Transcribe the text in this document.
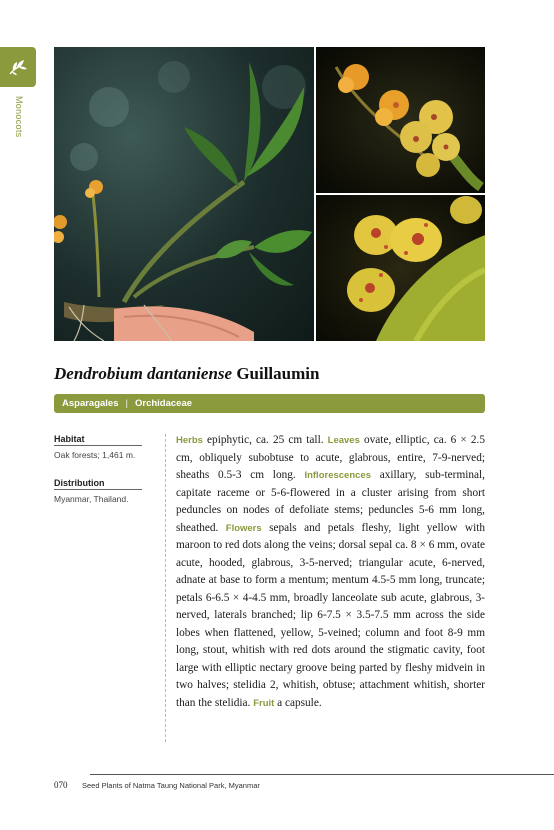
Monocots
Dendrobium dantaniense Guillaumin
Asparagales | Orchidaceae
Habitat
Oak forests; 1,461 m.
Distribution
Myanmar, Thailand.
Herbs epiphytic, ca. 25 cm tall. Leaves ovate, elliptic, ca. 6 × 2.5 cm, obliquely subobtuse to acute, glabrous, entire, 7-9-nerved; sheaths 0.5-3 cm long. Inflorescences axillary, sub-terminal, capitate raceme or 5-6-flowered in a cluster arising from short peduncles on nodes of defoliate stems; peduncles 5-6 mm long, sheathed. Flowers sepals and petals fleshy, light yellow with maroon to red dots along the veins; dorsal sepal ca. 8 × 6 mm, ovate acute, hooded, glabrous, 3-5-nerved; triangular acute, 6-nerved, adnate at base to form a mentum; mentum 4.5-5 mm long, truncate; petals 6-6.5 × 4-4.5 mm, broadly lanceolate sub acute, glabrous, 3-nerved, laterals branched; lip 6-7.5 × 3.5-7.5 mm across the side lobes when flattened, yellow, 5-veined; column and foot 8-9 mm long, stout, whitish with red dots around the stigmatic cavity, foot large with elliptic nectary groove being parted by fleshy midvein in two halves; stelidia 2, whitish, obtuse; attachment whitish, shorter than the stelidia. Fruit a capsule.
070 Seed Plants of Natma Taung National Park, Myanmar
